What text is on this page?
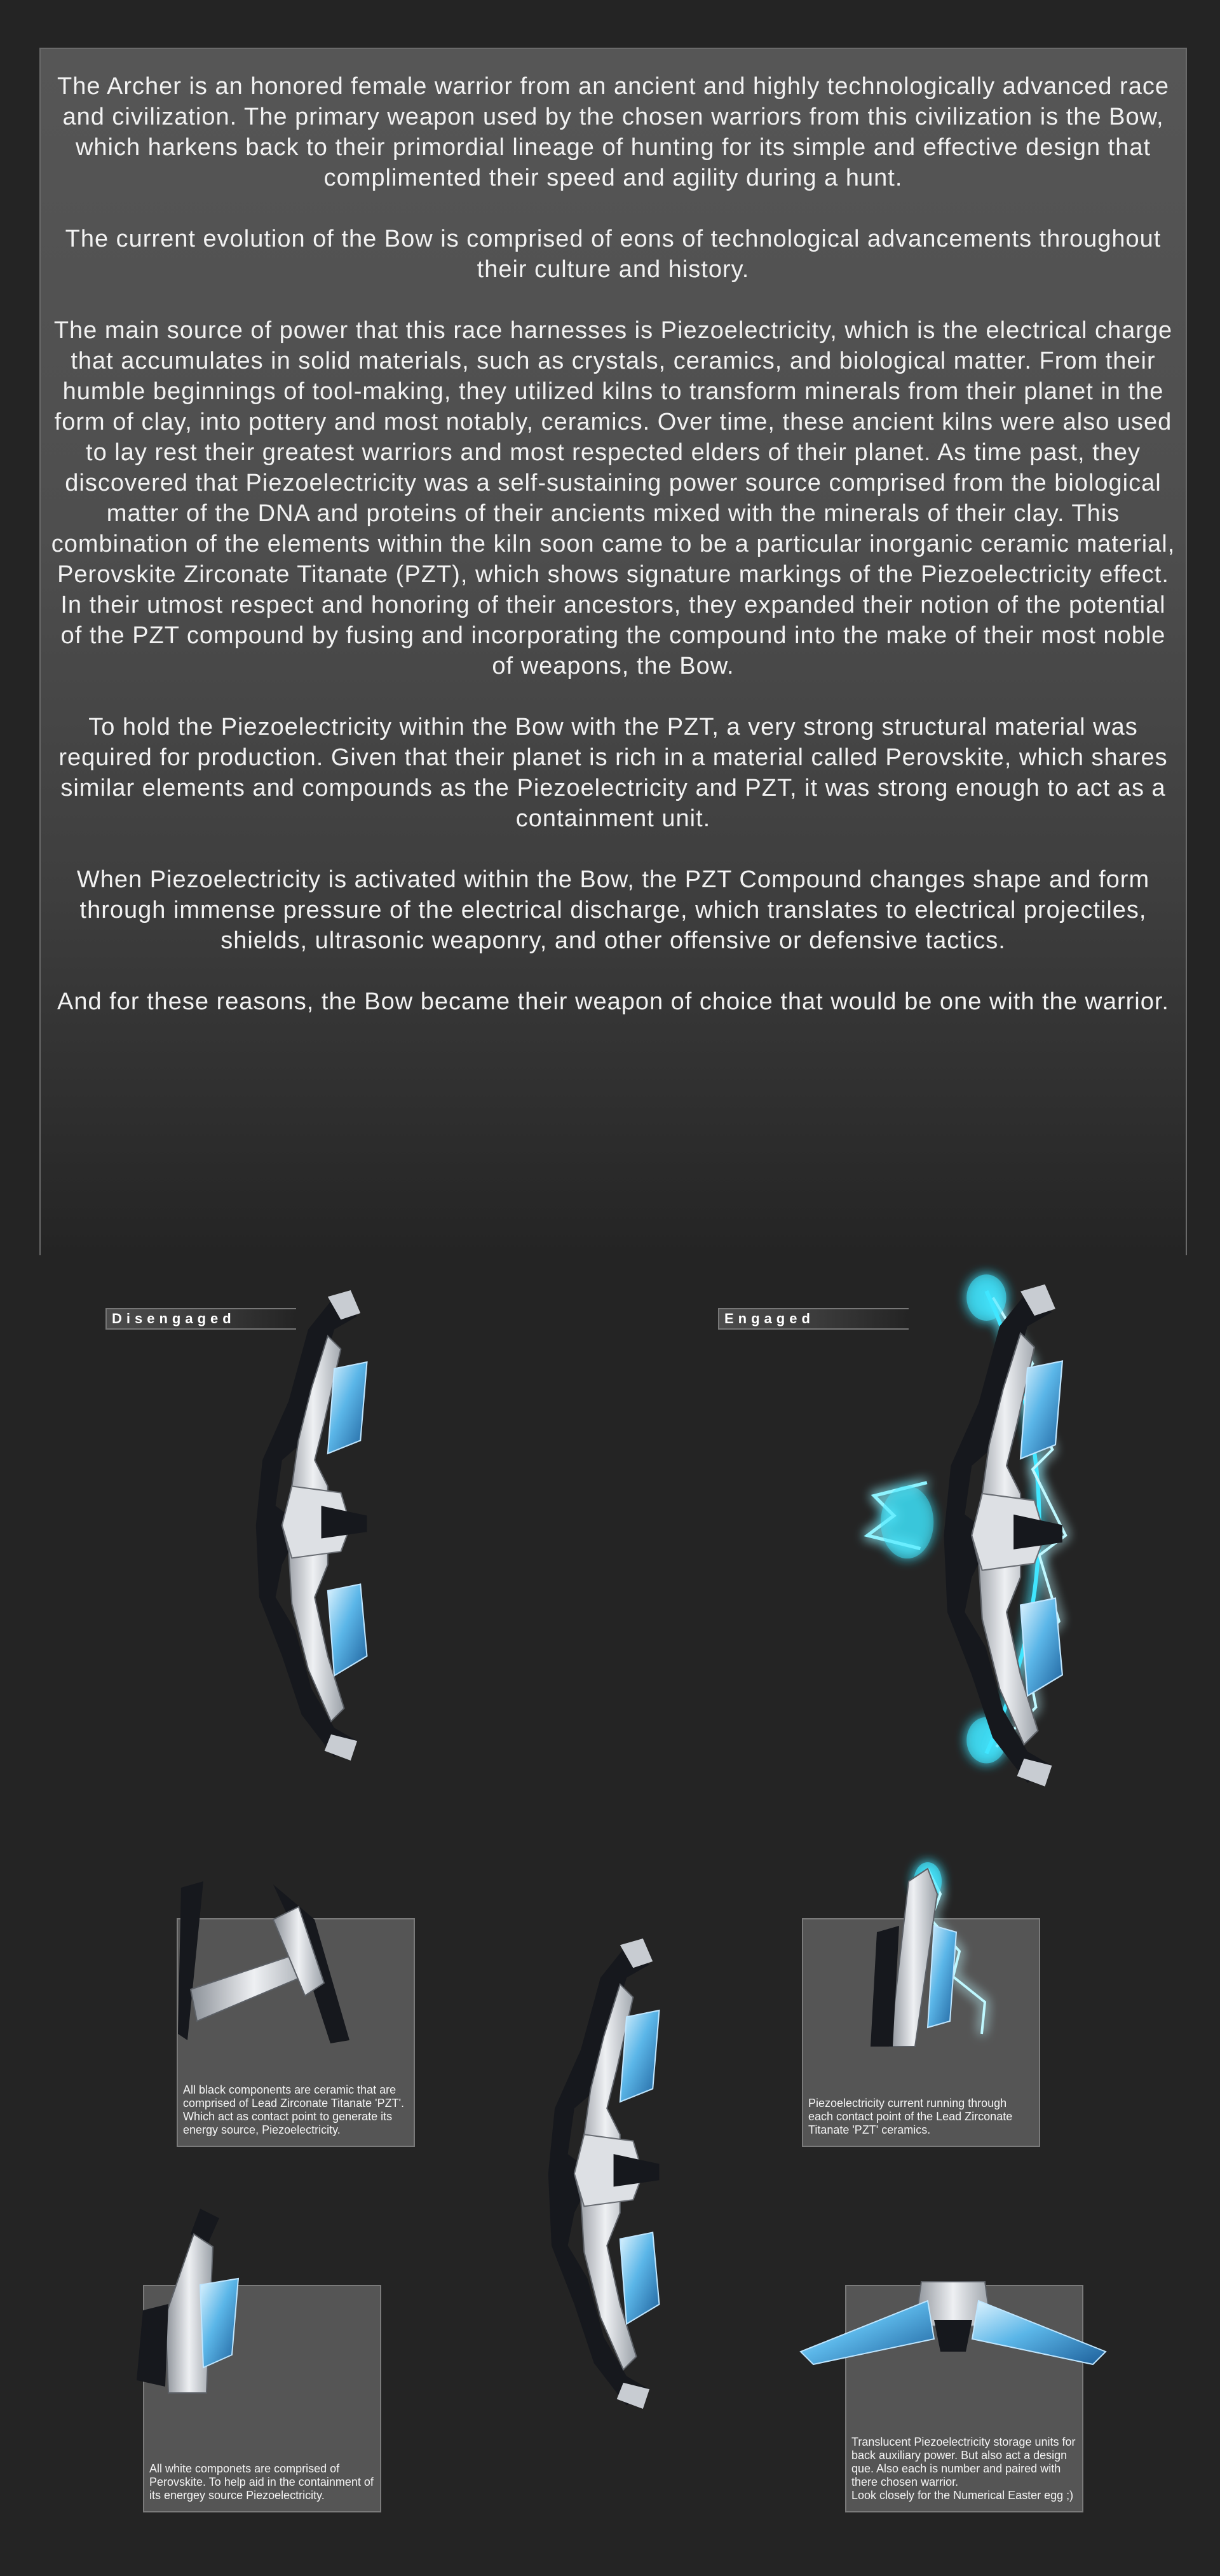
The Archer is an honored female warrior from an ancient and highly technologically advanced race and civilization. The primary weapon used by the chosen warriors from this civilization is the Bow, which harkens back to their primordial lineage of hunting for its simple and effective design that complimented their speed and agility during a hunt.

The current evolution of the Bow is comprised of eons of technological advancements throughout their culture and history.

The main source of power that this race harnesses is Piezoelectricity, which is the electrical charge that accumulates in solid materials, such as crystals, ceramics, and biological matter. From their humble beginnings of tool-making, they utilized kilns to transform minerals from their planet in the form of clay, into pottery and most notably, ceramics. Over time, these ancient kilns were also used to lay rest their greatest warriors and most respected elders of their planet. As time past, they discovered that Piezoelectricity was a self-sustaining power source comprised from the biological matter of the DNA and proteins of their ancients mixed with the minerals of their clay. This combination of the elements within the kiln soon came to be a particular inorganic ceramic material, Perovskite Zirconate Titanate (PZT), which shows signature markings of the Piezoelectricity effect. In their utmost respect and honoring of their ancestors, they expanded their notion of the potential of the PZT compound by fusing and incorporating the compound into the make of their most noble of weapons, the Bow.

To hold the Piezoelectricity within the Bow with the PZT, a very strong structural material was required for production. Given that their planet is rich in a material called Perovskite, which shares similar elements and compounds as the Piezoelectricity and PZT, it was strong enough to act as a containment unit.

When Piezoelectricity is activated within the Bow, the PZT Compound changes shape and form through immense pressure of the electrical discharge, which translates to electrical projectiles, shields, ultrasonic weaponry, and other offensive or defensive tactics.

And for these reasons, the Bow became their weapon of choice that would be one with the warrior.

Disengaged	Engaged
All black components are ceramic that are comprised of Lead Zirconate Titanate 'PZT'. Which act as contact point to generate its energy source, Piezoelectricity.
Piezoelectricity current running through each contact point of the Lead Zirconate Titanate 'PZT' ceramics.
All white componets are comprised of Perovskite. To help aid in the containment of its energey source Piezoelectricity.
Translucent Piezoelectricity storage units for back auxiliary power. But also act a design que. Also each is number and paired with there chosen warrior.
Look closely for the Numerical Easter egg ;)
